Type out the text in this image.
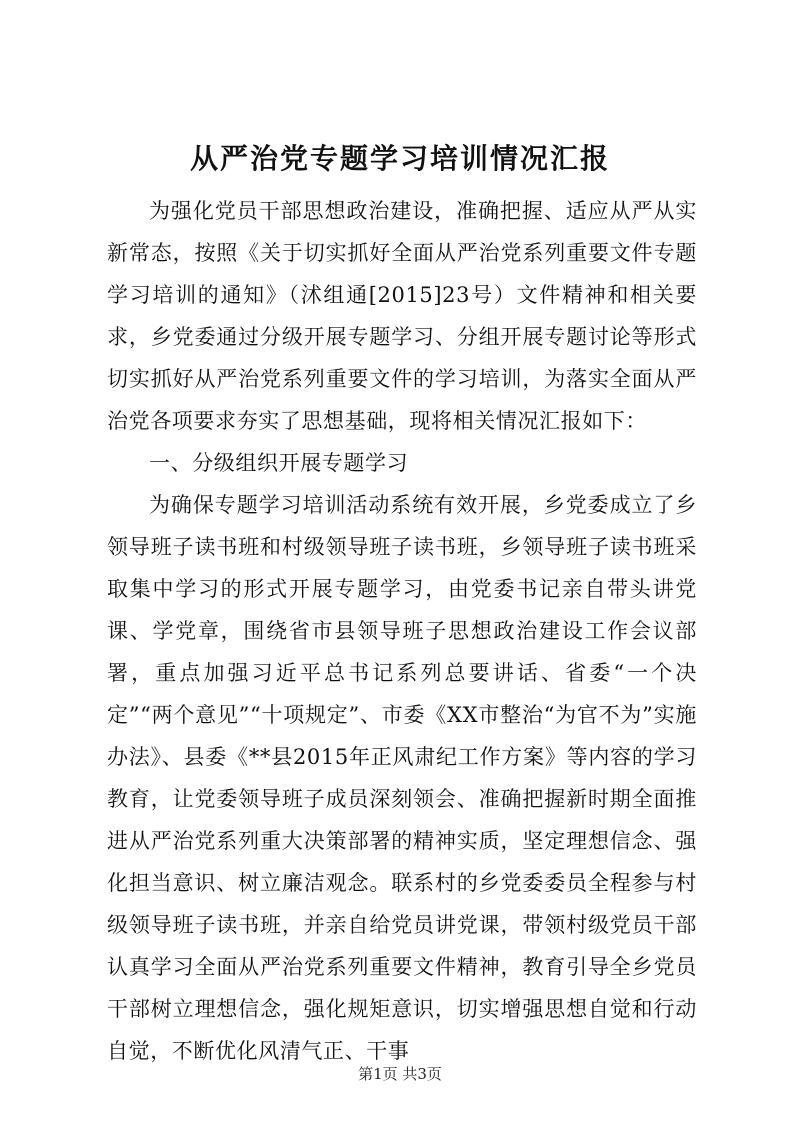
从严治党专题学习培训情况汇报

为强化党员干部思想政治建设，准确把握、适应从严从实新常态，按照《关于切实抓好全面从严治党系列重要文件专题学习培训的通知》（沭组通[2015]23号）文件精神和相关要求，乡党委通过分级开展专题学习、分组开展专题讨论等形式切实抓好从严治党系列重要文件的学习培训，为落实全面从严治党各项要求夯实了思想基础，现将相关情况汇报如下：

一、分级组织开展专题学习

为确保专题学习培训活动系统有效开展，乡党委成立了乡领导班子读书班和村级领导班子读书班，乡领导班子读书班采取集中学习的形式开展专题学习，由党委书记亲自带头讲党课、学党章，围绕省市县领导班子思想政治建设工作会议部署，重点加强习近平总书记系列总要讲话、省委“一个决定”“两个意见”“十项规定”、市委《XX市整治“为官不为”实施办法》、县委《**县2015年正风肃纪工作方案》等内容的学习教育，让党委领导班子成员深刻领会、准确把握新时期全面推进从严治党系列重大决策部署的精神实质，坚定理想信念、强化担当意识、树立廉洁观念。联系村的乡党委委员全程参与村级领导班子读书班，并亲自给党员讲党课，带领村级党员干部认真学习全面从严治党系列重要文件精神，教育引导全乡党员干部树立理想信念，强化规矩意识，切实增强思想自觉和行动自觉，不断优化风清气正、干事

第1页 共3页
